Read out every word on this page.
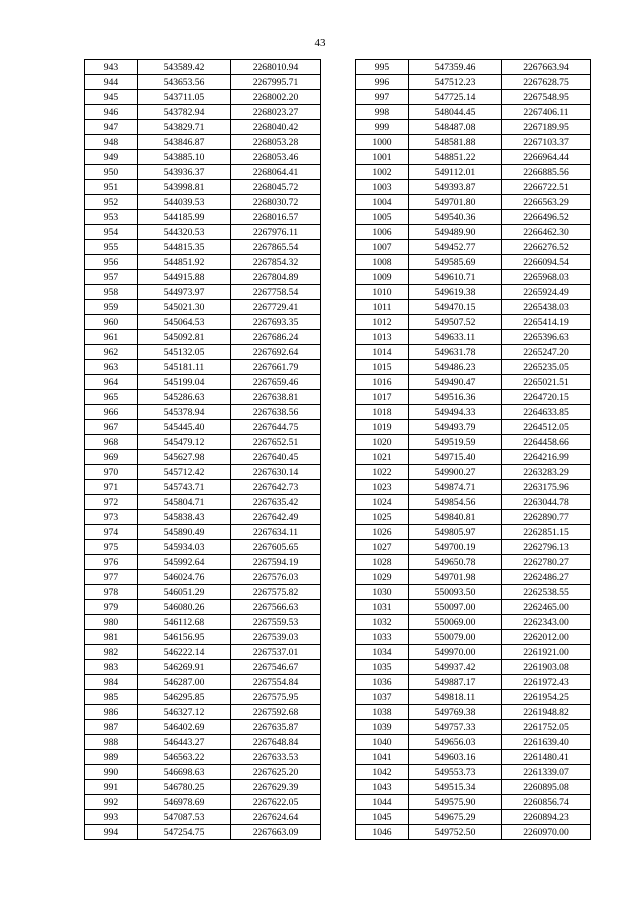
43
943	543589.42	2268010.94
944	543653.56	2267995.71
945	543711.05	2268002.20
946	543782.94	2268023.27
947	543829.71	2268040.42
948	543846.87	2268053.28
949	543885.10	2268053.46
950	543936.37	2268064.41
951	543998.81	2268045.72
952	544039.53	2268030.72
953	544185.99	2268016.57
954	544320.53	2267976.11
955	544815.35	2267865.54
956	544851.92	2267854.32
957	544915.88	2267804.89
958	544973.97	2267758.54
959	545021.30	2267729.41
960	545064.53	2267693.35
961	545092.81	2267686.24
962	545132.05	2267692.64
963	545181.11	2267661.79
964	545199.04	2267659.46
965	545286.63	2267638.81
966	545378.94	2267638.56
967	545445.40	2267644.75
968	545479.12	2267652.51
969	545627.98	2267640.45
970	545712.42	2267630.14
971	545743.71	2267642.73
972	545804.71	2267635.42
973	545838.43	2267642.49
974	545890.49	2267634.11
975	545934.03	2267605.65
976	545992.64	2267594.19
977	546024.76	2267576.03
978	546051.29	2267575.82
979	546080.26	2267566.63
980	546112.68	2267559.53
981	546156.95	2267539.03
982	546222.14	2267537.01
983	546269.91	2267546.67
984	546287.00	2267554.84
985	546295.85	2267575.95
986	546327.12	2267592.68
987	546402.69	2267635.87
988	546443.27	2267648.84
989	546563.22	2267633.53
990	546698.63	2267625.20
991	546780.25	2267629.39
992	546978.69	2267622.05
993	547087.53	2267624.64
994	547254.75	2267663.09
995	547359.46	2267663.94
996	547512.23	2267628.75
997	547725.14	2267548.95
998	548044.45	2267406.11
999	548487.08	2267189.95
1000	548581.88	2267103.37
1001	548851.22	2266964.44
1002	549112.01	2266885.56
1003	549393.87	2266722.51
1004	549701.80	2266563.29
1005	549540.36	2266496.52
1006	549489.90	2266462.30
1007	549452.77	2266276.52
1008	549585.69	2266094.54
1009	549610.71	2265968.03
1010	549619.38	2265924.49
1011	549470.15	2265438.03
1012	549507.52	2265414.19
1013	549633.11	2265396.63
1014	549631.78	2265247.20
1015	549486.23	2265235.05
1016	549490.47	2265021.51
1017	549516.36	2264720.15
1018	549494.33	2264633.85
1019	549493.79	2264512.05
1020	549519.59	2264458.66
1021	549715.40	2264216.99
1022	549900.27	2263283.29
1023	549874.71	2263175.96
1024	549854.56	2263044.78
1025	549840.81	2262890.77
1026	549805.97	2262851.15
1027	549700.19	2262796.13
1028	549650.78	2262780.27
1029	549701.98	2262486.27
1030	550093.50	2262538.55
1031	550097.00	2262465.00
1032	550069.00	2262343.00
1033	550079.00	2262012.00
1034	549970.00	2261921.00
1035	549937.42	2261903.08
1036	549887.17	2261972.43
1037	549818.11	2261954.25
1038	549769.38	2261948.82
1039	549757.33	2261752.05
1040	549656.03	2261639.40
1041	549603.16	2261480.41
1042	549553.73	2261339.07
1043	549515.34	2260895.08
1044	549575.90	2260856.74
1045	549675.29	2260894.23
1046	549752.50	2260970.00
